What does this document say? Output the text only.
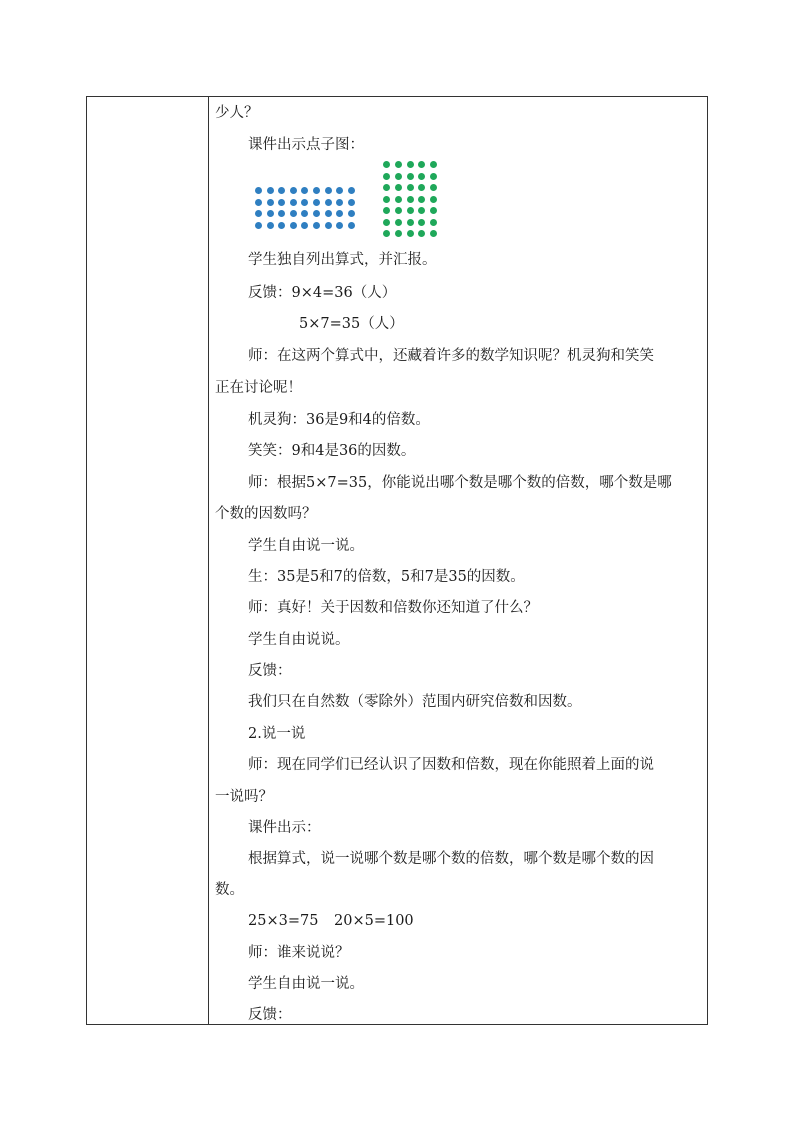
少人？
课件出示点子图：
学生独自列出算式，并汇报。
反馈：9×4=36（人）
5×7=35（人）
师：在这两个算式中，还藏着许多的数学知识呢？机灵狗和笑笑
正在讨论呢！
机灵狗：36是9和4的倍数。
笑笑：9和4是36的因数。
师：根据5×7=35，你能说出哪个数是哪个数的倍数，哪个数是哪
个数的因数吗？
学生自由说一说。
生：35是5和7的倍数，5和7是35的因数。
师：真好！关于因数和倍数你还知道了什么？
学生自由说说。
反馈：
我们只在自然数（零除外）范围内研究倍数和因数。
2.说一说
师：现在同学们已经认识了因数和倍数，现在你能照着上面的说
一说吗？
课件出示：
根据算式，说一说哪个数是哪个数的倍数，哪个数是哪个数的因
数。
25×3=75 20×5=100
师：谁来说说？
学生自由说一说。
反馈：
